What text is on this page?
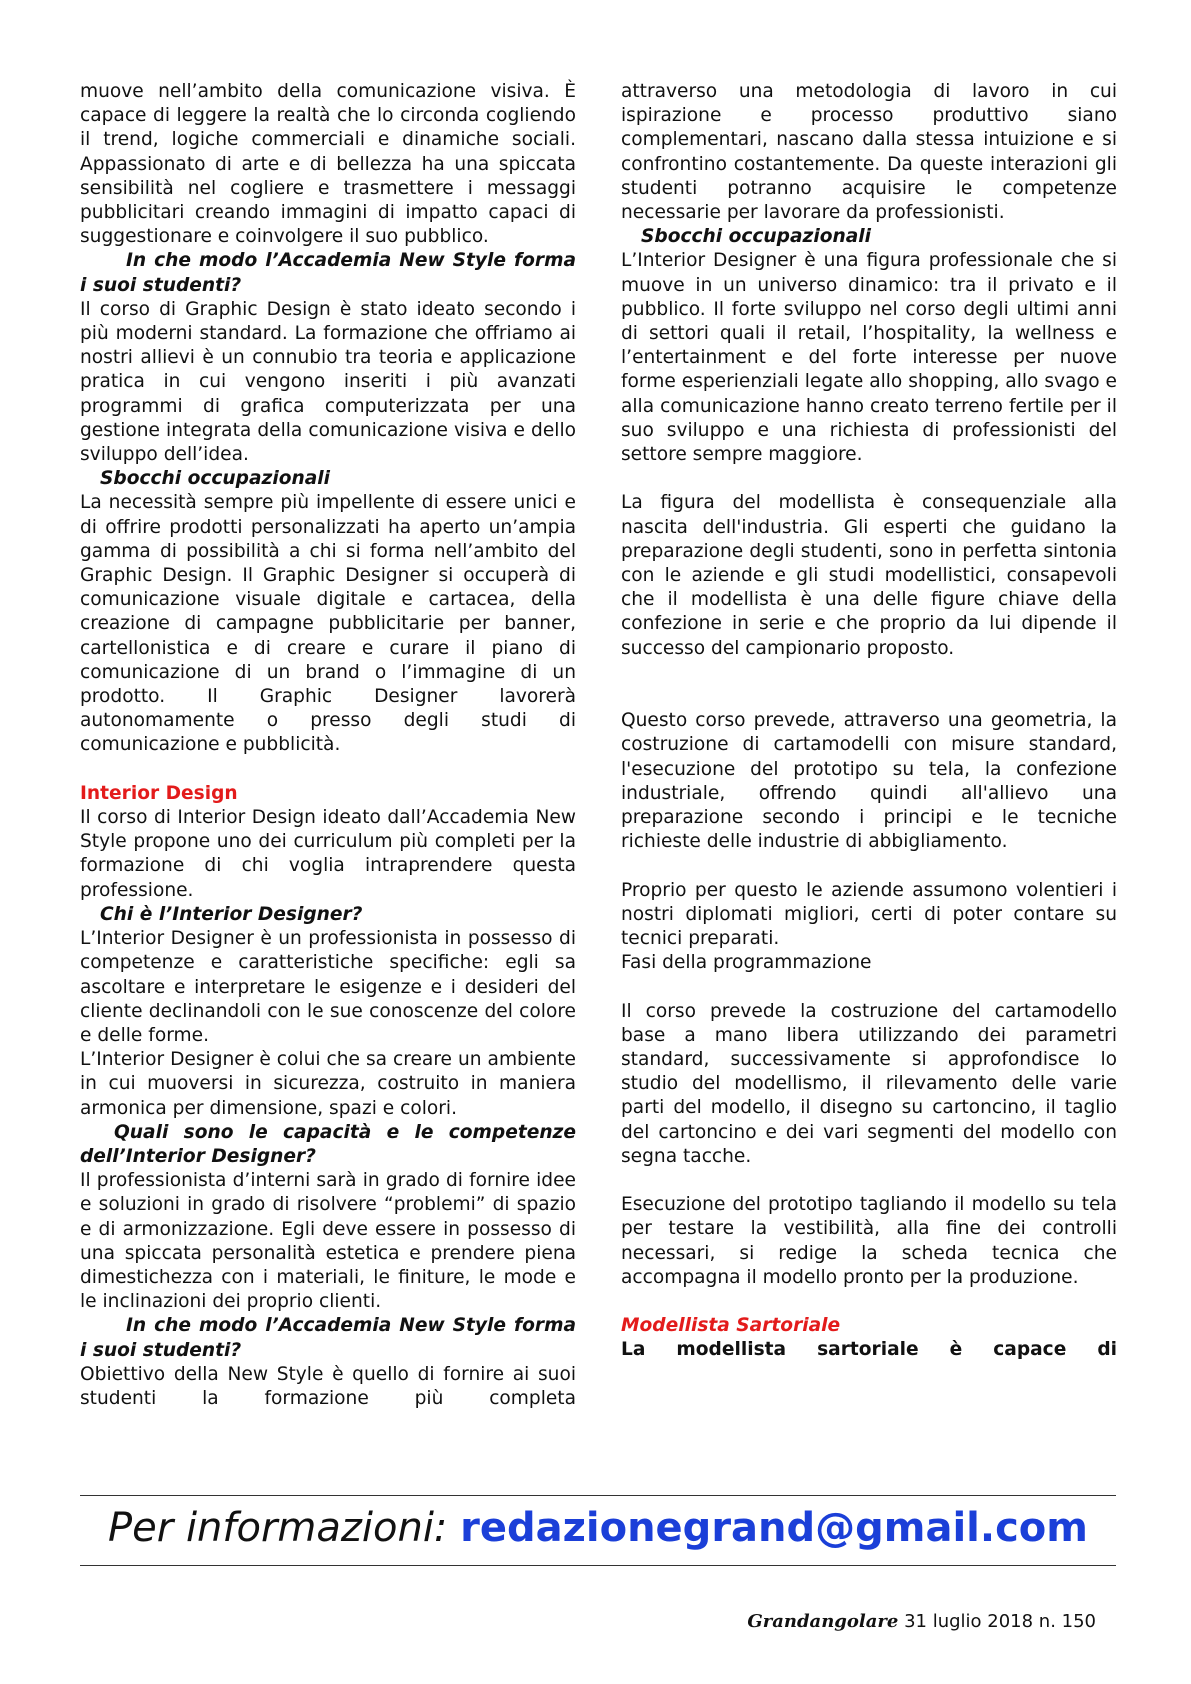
muove nell’ambito della comunicazione visiva. È capace di leggere la realtà che lo circonda cogliendo il trend, logiche commerciali e dinamiche sociali. Appassionato di arte e di bellezza ha una spiccata sensibilità nel cogliere e trasmettere i messaggi pubblicitari creando immagini di impatto capaci di suggestionare e coinvolgere il suo pubblico.

In che modo l’Accademia New Style forma i suoi studenti?

Il corso di Graphic Design è stato ideato secondo i più moderni standard. La formazione che offriamo ai nostri allievi è un connubio tra teoria e applicazione pratica in cui vengono inseriti i più avanzati programmi di grafica computerizzata per una gestione integrata della comunicazione visiva e dello sviluppo dell’idea.

Sbocchi occupazionali

La necessità sempre più impellente di essere unici e di offrire prodotti personalizzati ha aperto un’ampia gamma di possibilità a chi si forma nell’ambito del Graphic Design. Il Graphic Designer si occuperà di comunicazione visuale digitale e cartacea, della creazione di campagne pubblicitarie per banner, cartellonistica e di creare e curare il piano di comunicazione di un brand o l’immagine di un prodotto. Il Graphic Designer lavorerà autonomamente o presso degli studi di comunicazione e pubblicità.

Interior Design

Il corso di Interior Design ideato dall’Accademia New Style propone uno dei curriculum più completi per la formazione di chi voglia intraprendere questa professione.

Chi è l’Interior Designer?

L’Interior Designer è un professionista in possesso di competenze e caratteristiche specifiche: egli sa ascoltare e interpretare le esigenze e i desideri del cliente declinandoli con le sue conoscenze del colore e delle forme.

L’Interior Designer è colui che sa creare un ambiente in cui muoversi in sicurezza, costruito in maniera armonica per dimensione, spazi e colori.

Quali sono le capacità e le competenze dell’Interior Designer?

Il professionista d’interni sarà in grado di fornire idee e soluzioni in grado di risolvere “problemi” di spazio e di armonizzazione. Egli deve essere in possesso di una spiccata personalità estetica e prendere piena dimestichezza con i materiali, le finiture, le mode e le inclinazioni dei proprio clienti.

In che modo l’Accademia New Style forma i suoi studenti?

Obiettivo della New Style è quello di fornire ai suoi studenti la formazione più completa

attraverso una metodologia di lavoro in cui ispirazione e processo produttivo siano complementari, nascano dalla stessa intuizione e si confrontino costantemente. Da queste interazioni gli studenti potranno acquisire le competenze necessarie per lavorare da professionisti.

Sbocchi occupazionali

L’Interior Designer è una figura professionale che si muove in un universo dinamico: tra il privato e il pubblico. Il forte sviluppo nel corso degli ultimi anni di settori quali il retail, l’hospitality, la wellness e l’entertainment e del forte interesse per nuove forme esperienziali legate allo shopping, allo svago e alla comunicazione hanno creato terreno fertile per il suo sviluppo e una richiesta di professionisti del settore sempre maggiore.

La figura del modellista è consequenziale alla nascita dell'industria. Gli esperti che guidano la preparazione degli studenti, sono in perfetta sintonia con le aziende e gli studi modellistici, consapevoli che il modellista è una delle figure chiave della confezione in serie e che proprio da lui dipende il successo del campionario proposto.

Questo corso prevede, attraverso una geometria, la costruzione di cartamodelli con misure standard, l'esecuzione del prototipo su tela, la confezione industriale, offrendo quindi all'allievo una preparazione secondo i principi e le tecniche richieste delle industrie di abbigliamento.

Proprio per questo le aziende assumono volentieri i nostri diplomati migliori, certi di poter contare su tecnici preparati.

Fasi della programmazione

Il corso prevede la costruzione del cartamodello base a mano libera utilizzando dei parametri standard, successivamente si approfondisce lo studio del modellismo, il rilevamento delle varie parti del modello, il disegno su cartoncino, il taglio del cartoncino e dei vari segmenti del modello con segna tacche.

Esecuzione del prototipo tagliando il modello su tela per testare la vestibilità, alla fine dei controlli necessari, si redige la scheda tecnica che accompagna il modello pronto per la produzione.

Modellista Sartoriale

La modellista sartoriale è capace di

Per informazioni: redazionegrand@gmail.com
Grandangolare 31 luglio 2018 n. 150
